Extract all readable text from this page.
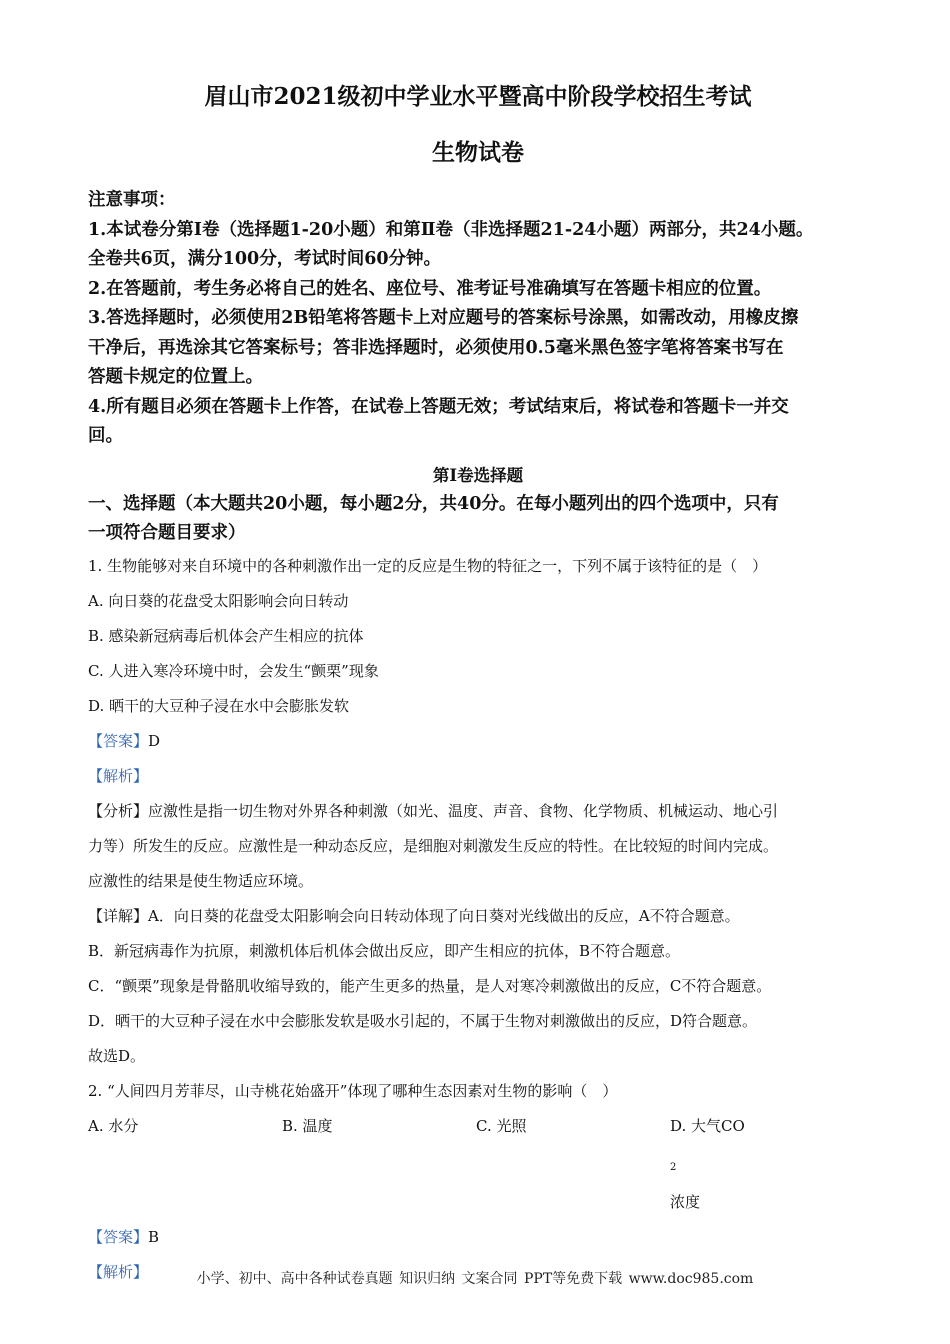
眉山市2021级初中学业水平暨高中阶段学校招生考试
生物试卷
注意事项：
1.本试卷分第Ⅰ卷（选择题1-20小题）和第Ⅱ卷（非选择题21-24小题）两部分，共24小题。
全卷共6页，满分100分，考试时间60分钟。
2.在答题前，考生务必将自己的姓名、座位号、准考证号准确填写在答题卡相应的位置。
3.答选择题时，必须使用2B铅笔将答题卡上对应题号的答案标号涂黑，如需改动，用橡皮擦
干净后，再选涂其它答案标号；答非选择题时，必须使用0.5毫米黑色签字笔将答案书写在
答题卡规定的位置上。
4.所有题目必须在答题卡上作答，在试卷上答题无效；考试结束后，将试卷和答题卡一并交
回。
第Ⅰ卷选择题
一、选择题（本大题共20小题，每小题2分，共40分。在每小题列出的四个选项中，只有
一项符合题目要求）
1. 生物能够对来自环境中的各种刺激作出一定的反应是生物的特征之一，下列不属于该特征的是（　）
A. 向日葵的花盘受太阳影响会向日转动
B. 感染新冠病毒后机体会产生相应的抗体
C. 人进入寒冷环境中时，会发生“颤栗”现象
D. 晒干的大豆种子浸在水中会膨胀发软
【答案】D
【解析】
【分析】应激性是指一切生物对外界各种刺激（如光、温度、声音、食物、化学物质、机械运动、地心引
力等）所发生的反应。应激性是一种动态反应，是细胞对刺激发生反应的特性。在比较短的时间内完成。
应激性的结果是使生物适应环境。
【详解】A．向日葵的花盘受太阳影响会向日转动体现了向日葵对光线做出的反应，A不符合题意。
B．新冠病毒作为抗原，刺激机体后机体会做出反应，即产生相应的抗体，B不符合题意。
C．“颤栗”现象是骨骼肌收缩导致的，能产生更多的热量，是人对寒冷刺激做出的反应，C不符合题意。
D．晒干的大豆种子浸在水中会膨胀发软是吸水引起的，不属于生物对刺激做出的反应，D符合题意。
故选D。
2. “人间四月芳菲尽，山寺桃花始盛开”体现了哪种生态因素对生物的影响（　）
A. 水分	B. 温度	C. 光照	D. 大气$CO_2$浓度
【答案】B
【解析】	小学、初中、高中各种试卷真题 知识归纳 文案合同 PPT等免费下载 www.doc985.com
